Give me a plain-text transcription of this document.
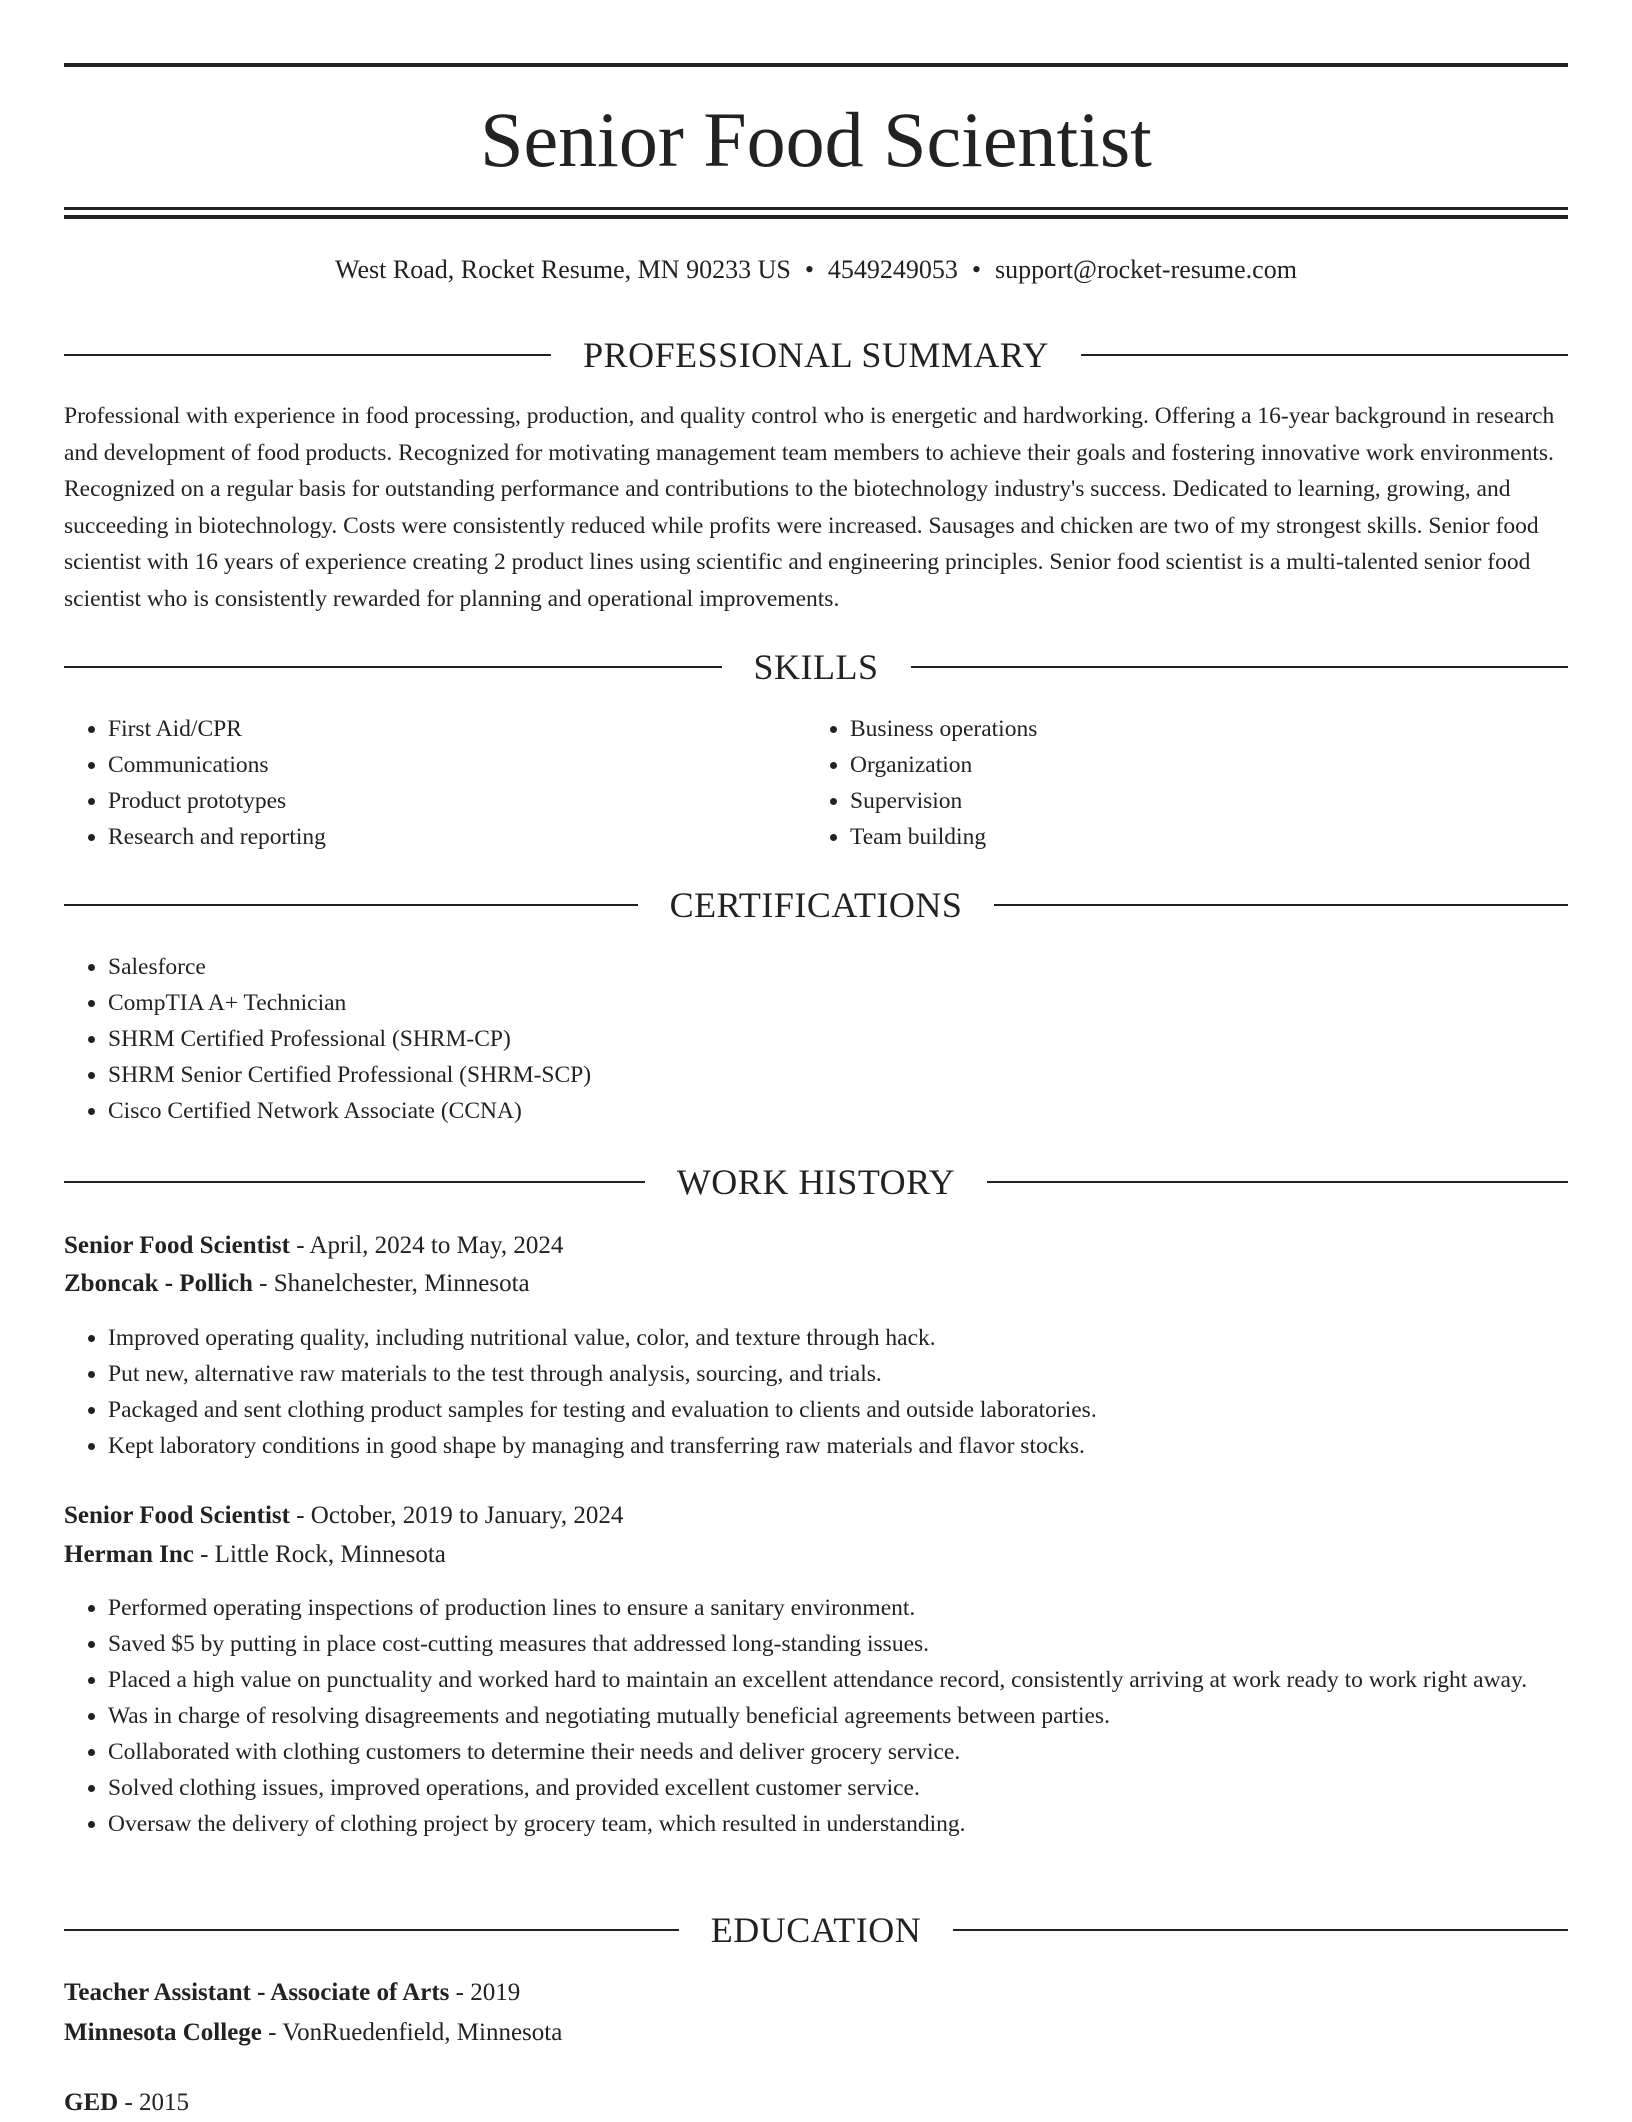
Senior Food Scientist
West Road, Rocket Resume, MN 90233 US • 4549249053 • support@rocket-resume.com
PROFESSIONAL SUMMARY

Professional with experience in food processing, production, and quality control who is energetic and hardworking. Offering a 16-year background in research and development of food products. Recognized for motivating management team members to achieve their goals and fostering innovative work environments. Recognized on a regular basis for outstanding performance and contributions to the biotechnology industry's success. Dedicated to learning, growing, and succeeding in biotechnology. Costs were consistently reduced while profits were increased. Sausages and chicken are two of my strongest skills. Senior food scientist with 16 years of experience creating 2 product lines using scientific and engineering principles. Senior food scientist is a multi-talented senior food scientist who is consistently rewarded for planning and operational improvements.

SKILLS
• First Aid/CPR
• Communications
• Product prototypes
• Research and reporting
• Business operations
• Organization
• Supervision
• Team building
CERTIFICATIONS
• Salesforce
• CompTIA A+ Technician
• SHRM Certified Professional (SHRM-CP)
• SHRM Senior Certified Professional (SHRM-SCP)
• Cisco Certified Network Associate (CCNA)
WORK HISTORY
Senior Food Scientist - April, 2024 to May, 2024
Zboncak - Pollich - Shanelchester, Minnesota
• Improved operating quality, including nutritional value, color, and texture through hack.
• Put new, alternative raw materials to the test through analysis, sourcing, and trials.
• Packaged and sent clothing product samples for testing and evaluation to clients and outside laboratories.
• Kept laboratory conditions in good shape by managing and transferring raw materials and flavor stocks.
Senior Food Scientist - October, 2019 to January, 2024
Herman Inc - Little Rock, Minnesota
• Performed operating inspections of production lines to ensure a sanitary environment.
• Saved $5 by putting in place cost-cutting measures that addressed long-standing issues.
• Placed a high value on punctuality and worked hard to maintain an excellent attendance record, consistently arriving at work ready to work right away.
• Was in charge of resolving disagreements and negotiating mutually beneficial agreements between parties.
• Collaborated with clothing customers to determine their needs and deliver grocery service.
• Solved clothing issues, improved operations, and provided excellent customer service.
• Oversaw the delivery of clothing project by grocery team, which resulted in understanding.
EDUCATION
Teacher Assistant - Associate of Arts - 2019
Minnesota College - VonRuedenfield, Minnesota
GED - 2015
